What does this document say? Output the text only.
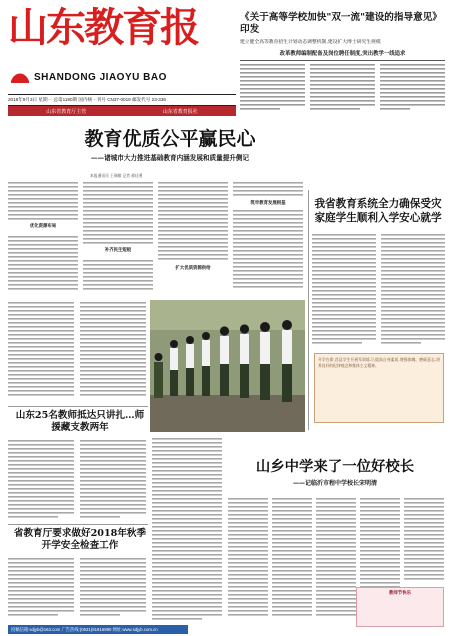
山东教育报
SHANDONG JIAOYU BAO
2018年9月3日 星期一 总第1190期 国内统一刊号 CN37-0019 邮发代号 23-336
山东省教育厅主管	山东省教育报社
《关于高等学校加快"双一流"建设的指导意见》印发
建立健全高等教育招生计划动态调整机制,建设扩大博士研究生规模
改革教师编制配备及岗位聘任制度,突出教学一线追求
教育优质公平赢民心
——诸城市大力推进基础教育内涵发展和质量提升侧记
本报通讯员 王瑞敏 记者 郝佳勇
优化资源布局
补齐民生短板
筑牢教育发展根基
扩大优质资源供给
我省教育系统全力确保受灾家庭学生顺利入学安心就学
开学在即,莒县学生开展军训练习,提高自身素质,增强体魄、磨砺意志,培养良好的纪律观念和集体主义精神。
山东25名教师抵达只讲扎…师援藏支教两年
山乡中学来了一位好校长
——记临沂市程中学校长宋明清
教师节快乐
省教育厅要求做好2018年秋季开学安全检查工作
投稿信箱:sdjyb@163.com 广告热线:(0531)81916890 网址:www.sdjyb.com.cn
